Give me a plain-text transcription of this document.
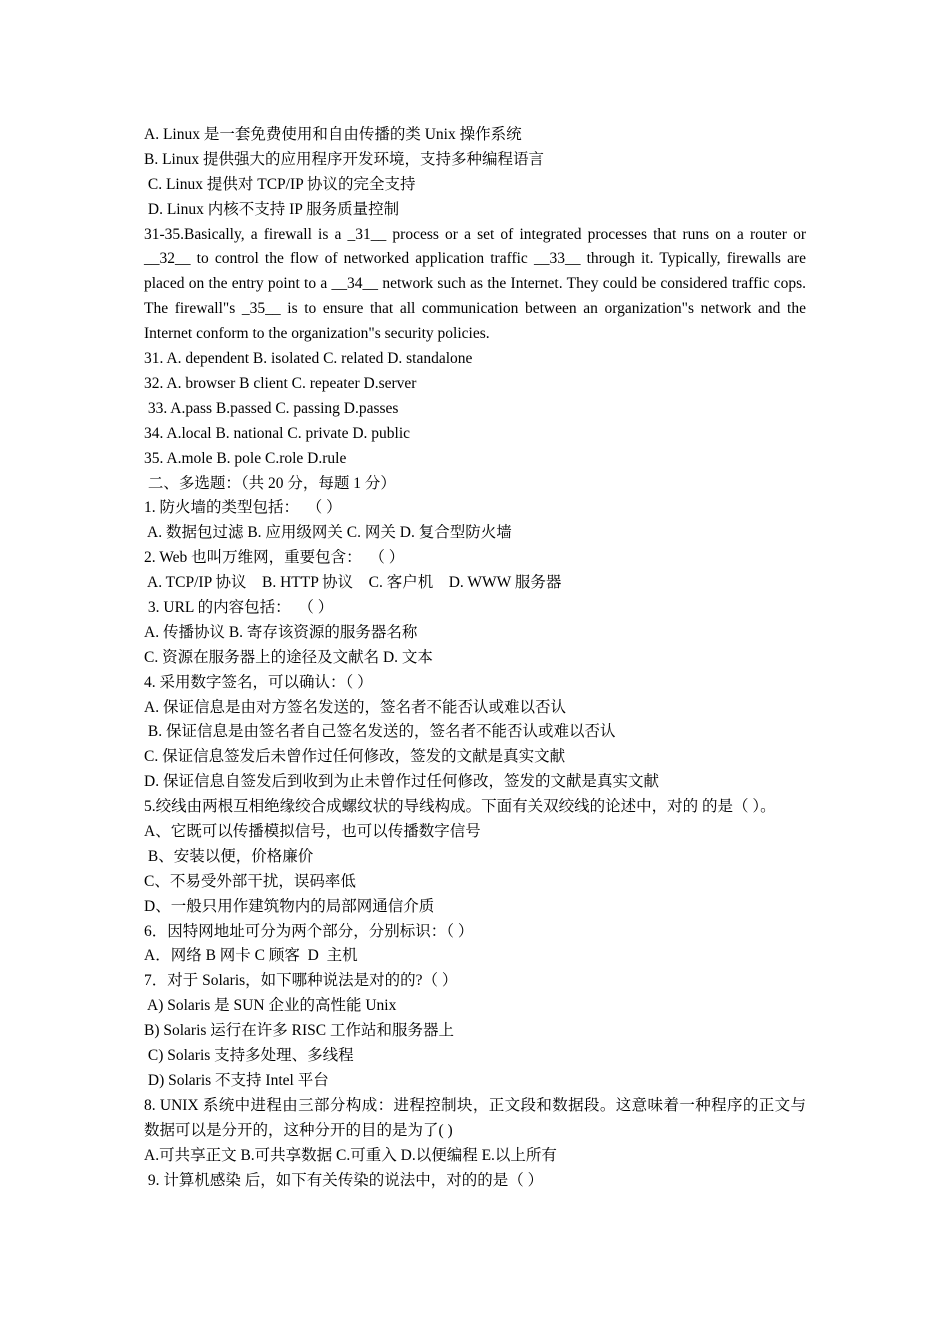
A. Linux 是一套免费使用和自由传播的类 Unix 操作系统
B. Linux 提供强大的应用程序开发环境，支持多种编程语言
C. Linux 提供对 TCP/IP 协议的完全支持
D. Linux 内核不支持 IP 服务质量控制
31-35.Basically, a firewall is a _31__ process or a set of integrated processes that runs on a router or __32__ to control the flow of networked application traffic __33__ through it. Typically, firewalls are placed on the entry point to a __34__ network such as the Internet. They could be considered traffic cops. The firewall"s _35__ is to ensure that all communication between an organization"s network and the Internet conform to the organization"s security policies.
31. A. dependent B. isolated C. related D. standalone
32. A. browser B client C. repeater D.server
33. A.pass B.passed C. passing D.passes
34. A.local B. national C. private D. public
35. A.mole B. pole C.role D.rule
二、多选题：（共 20 分，每题 1 分）
1. 防火墙的类型包括：  （ ）
A. 数据包过滤 B. 应用级网关 C. 网关 D. 复合型防火墙
2. Web 也叫万维网，重要包含：  （ ）
A. TCP/IP 协议    B. HTTP 协议    C. 客户机    D. WWW 服务器
3. URL 的内容包括：  （ ）
A. 传播协议 B. 寄存该资源的服务器名称
C. 资源在服务器上的途径及文献名 D. 文本
4. 采用数字签名，可以确认：（ ）
A. 保证信息是由对方签名发送的，签名者不能否认或难以否认
B. 保证信息是由签名者自己签名发送的，签名者不能否认或难以否认
C. 保证信息签发后未曾作过任何修改，签发的文献是真实文献
D. 保证信息自签发后到收到为止未曾作过任何修改，签发的文献是真实文献
5.绞线由两根互相绝缘绞合成螺纹状的导线构成。下面有关双绞线的论述中，对的 的是（ ）。
A、它既可以传播模拟信号，也可以传播数字信号
B、安装以便，价格廉价
C、不易受外部干扰，误码率低
D、一般只用作建筑物内的局部网通信介质
6．因特网地址可分为两个部分，分别标识：（ ）
A．网络 B 网卡 C 顾客  D  主机
7．对于 Solaris，如下哪种说法是对的的?（ ）
A) Solaris 是 SUN 企业的高性能 Unix
B) Solaris 运行在许多 RISC 工作站和服务器上
C) Solaris 支持多处理、多线程
D) Solaris 不支持 Intel 平台
8. UNIX 系统中进程由三部分构成：进程控制块，正文段和数据段。这意味着一种程序的正文与数据可以是分开的，这种分开的目的是为了( )
A.可共享正文 B.可共享数据 C.可重入 D.以便编程 E.以上所有
9. 计算机感染 后，如下有关传染的说法中，对的的是（ ）
